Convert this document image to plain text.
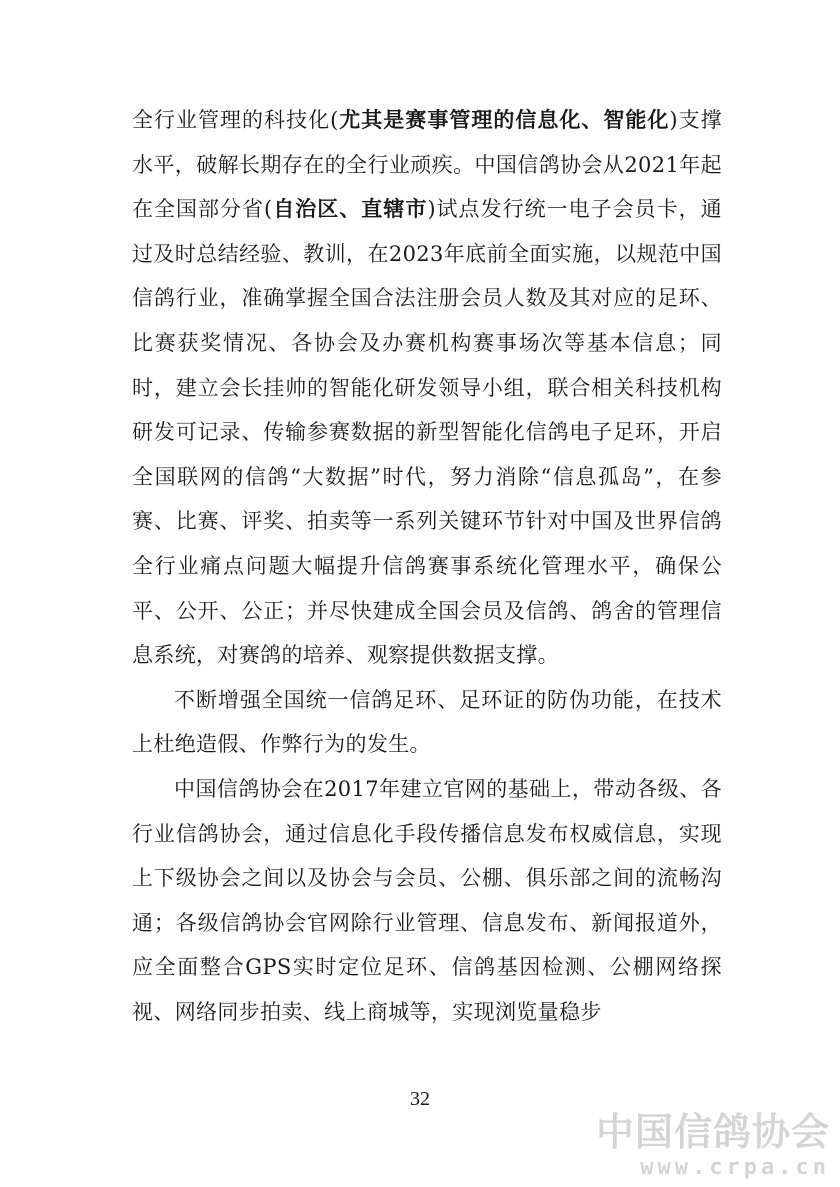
全行业管理的科技化(尤其是赛事管理的信息化、智能化)支撑水平，破解长期存在的全行业顽疾。中国信鸽协会从2021年起在全国部分省(自治区、直辖市)试点发行统一电子会员卡，通过及时总结经验、教训，在2023年底前全面实施，以规范中国信鸽行业，准确掌握全国合法注册会员人数及其对应的足环、比赛获奖情况、各协会及办赛机构赛事场次等基本信息；同时，建立会长挂帅的智能化研发领导小组，联合相关科技机构研发可记录、传输参赛数据的新型智能化信鸽电子足环，开启全国联网的信鸽“大数据”时代，努力消除“信息孤岛”，在参赛、比赛、评奖、拍卖等一系列关键环节针对中国及世界信鸽全行业痛点问题大幅提升信鸽赛事系统化管理水平，确保公平、公开、公正；并尽快建成全国会员及信鸽、鸽舍的管理信息系统，对赛鸽的培养、观察提供数据支撑。

不断增强全国统一信鸽足环、足环证的防伪功能，在技术上杜绝造假、作弊行为的发生。

中国信鸽协会在2017年建立官网的基础上，带动各级、各行业信鸽协会，通过信息化手段传播信息发布权威信息，实现上下级协会之间以及协会与会员、公棚、俱乐部之间的流畅沟通；各级信鸽协会官网除行业管理、信息发布、新闻报道外，应全面整合GPS实时定位足环、信鸽基因检测、公棚网络探视、网络同步拍卖、线上商城等，实现浏览量稳步

32
中国信鸽协会
www.crpa.cn
